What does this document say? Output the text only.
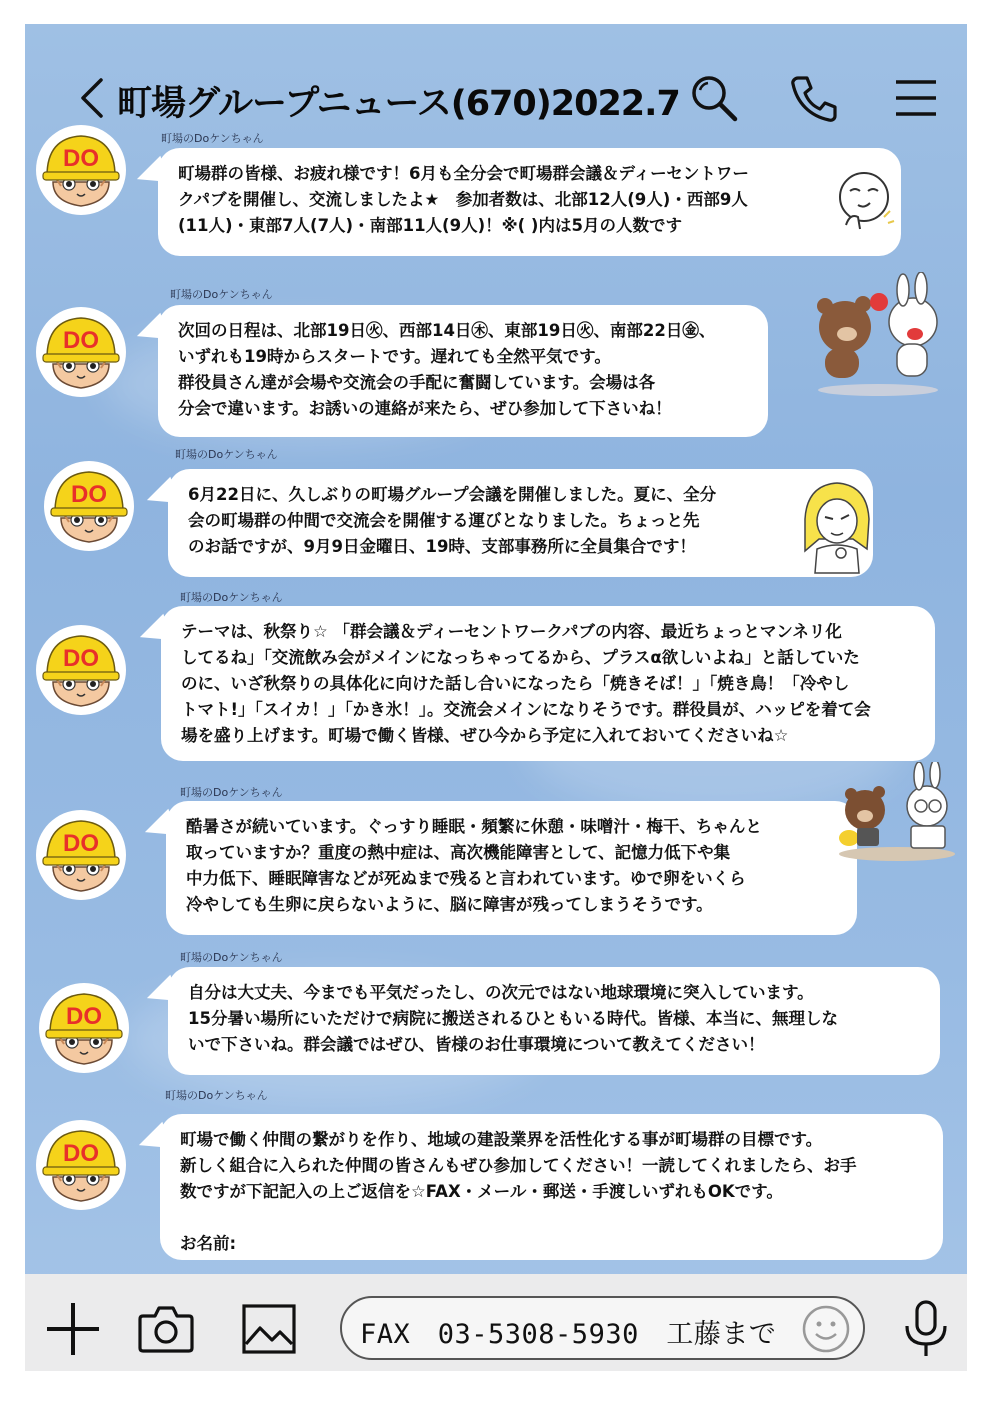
町場グループニュース(670)2022.7
町場のDoケンちゃん
DO
町場群の皆様、お疲れ様です！6月も全分会で町場群会議＆ディーセントワー
クパブを開催し、交流しましたよ★　参加者数は、北部12人(9人)・西部9人
(11人)・東部7人(7人)・南部11人(9人)！※( )内は5月の人数です
町場のDoケンちゃん
DO	次回の日程は、北部19日㊋、西部14日㊍、東部19日㊋、南部22日㊎、
いずれも19時からスタートです。遅れても全然平気です。
群役員さん達が会場や交流会の手配に奮闘しています。会場は各
分会で違います。お誘いの連絡が来たら、ぜひ参加して下さいね！
町場のDoケンちゃん
DO	6月22日に、久しぶりの町場グループ会議を開催しました。夏に、全分
会の町場群の仲間で交流会を開催する運びとなりました。ちょっと先
のお話ですが、9月9日金曜日、19時、支部事務所に全員集合です！
町場のDoケンちゃん
DO
テーマは、秋祭り☆ 「群会議＆ディーセントワークパブの内容、最近ちょっとマンネリ化
してるね」「交流飲み会がメインになっちゃってるから、プラスα欲しいよね」と話していた
のに、いざ秋祭りの具体化に向けた話し合いになったら「焼きそば！」「焼き鳥！「冷やし
トマト!」「スイカ！」「かき氷！」。交流会メインになりそうです。群役員が、ハッピを着て会
場を盛り上げます。町場で働く皆様、ぜひ今から予定に入れておいてくださいね☆
町場のDoケンちゃん
DO
酷暑さが続いています。ぐっすり睡眠・頻繁に休憩・味噌汁・梅干、ちゃんと
取っていますか？重度の熱中症は、高次機能障害として、記憶力低下や集
中力低下、睡眠障害などが死ぬまで残ると言われています。ゆで卵をいくら
冷やしても生卵に戻らないように、脳に障害が残ってしまうそうです。
町場のDoケンちゃん
DO
自分は大丈夫、今までも平気だったし、の次元ではない地球環境に突入しています。
15分暑い場所にいただけで病院に搬送されるひともいる時代。皆様、本当に、無理しな
いで下さいね。群会議ではぜひ、皆様のお仕事環境について教えてください！
町場のDoケンちゃん
DO
町場で働く仲間の繋がりを作り、地域の建設業界を活性化する事が町場群の目標です。
新しく組合に入られた仲間の皆さんもぜひ参加してください！一読してくれましたら、お手
数ですが下記記入の上ご返信を☆FAX・メール・郵送・手渡しいずれもOKです。
お名前:
FAX　03-5308-5930　工藤まで
